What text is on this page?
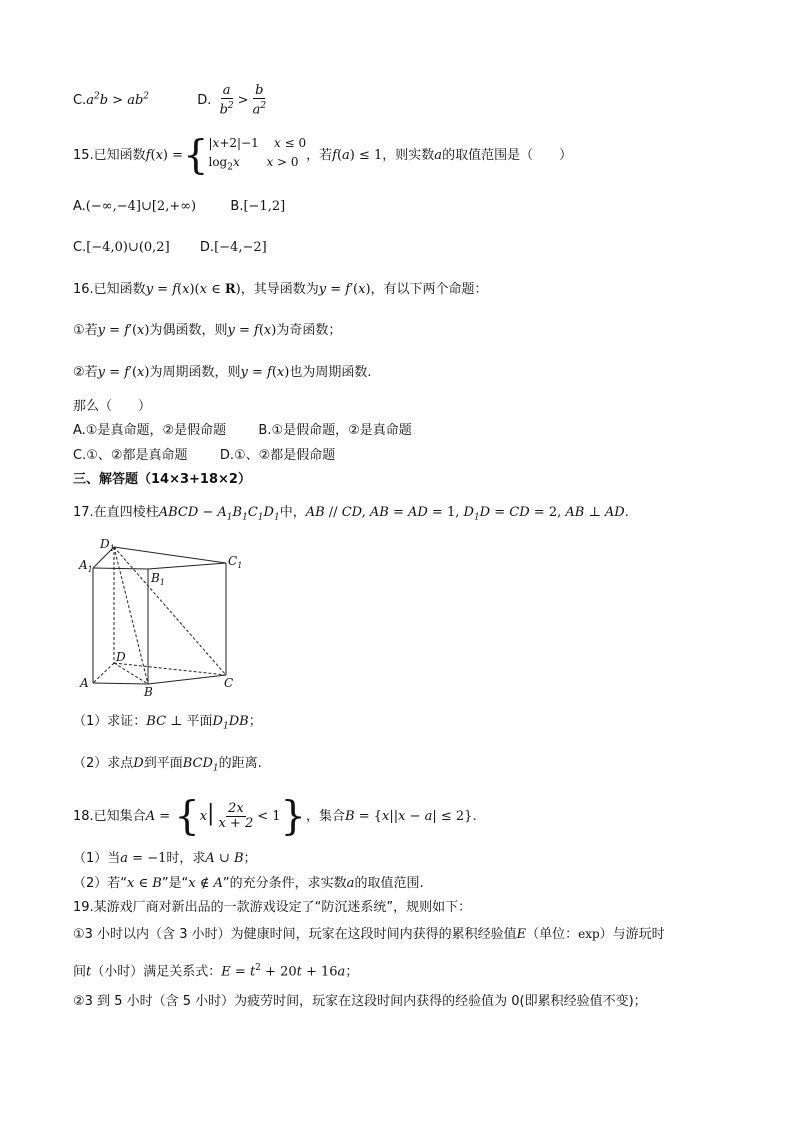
$C.a^2b > ab^2$	D. $\frac{a}{b^2} > \frac{b}{a^2}$
15.已知函数f(x) ={|x+2|−1    x ≤ 0
$\log_2x$ x > 0 ，若f(a) ≤ 1，则实数a的取值范围是（　　）
A.(−∞,−4]∪[2,+∞)	B.[−1,2]
C.[−4,0)∪(0,2] D.[−4,−2]
16.已知函数y = f(x)(x ∈ R)，其导函数为y = f′(x)，有以下两个命题：
①若y = f′(x)为偶函数，则y = f(x)为奇函数；
②若y = f′(x)为周期函数，则y = f(x)也为周期函数.
那么（　　）
A.①是真命题，②是假命题 B.①是假命题，②是真命题
C.①、②都是真命题 D.①、②都是假命题
三、解答题（14×3+18×2）
17.在直四棱柱ABCD − $A_1B_1C_1D_1$中，AB // CD, AB = AD = 1, $D_1D$ = CD = 2, AB ⊥ AD.
$D_1$
$C_1$
$A_1$
$B_1$
D
A
B
C
（1）求证：BC ⊥ 平面$D_1DB$；
（2）求点D到平面$BCD_1$的距离.
18.已知集合$A = \{x| \frac{2x}{x + 2} < 1\}$，集合B = {x||x − a| ≤ 2}.
（1）当a = −1时，求A ∪ B；
（2）若“x ∈ B”是“x ∉ A”的充分条件，求实数a的取值范围.
19.某游戏厂商对新出品的一款游戏设定了“防沉迷系统”，规则如下：
①3 小时以内（含 3 小时）为健康时间，玩家在这段时间内获得的累积经验值E（单位：exp）与游玩时
间t（小时）满足关系式：$E = t^2 + 20t + 16a$；
②3 到 5 小时（含 5 小时）为疲劳时间，玩家在这段时间内获得的经验值为 0(即累积经验值不变)；
